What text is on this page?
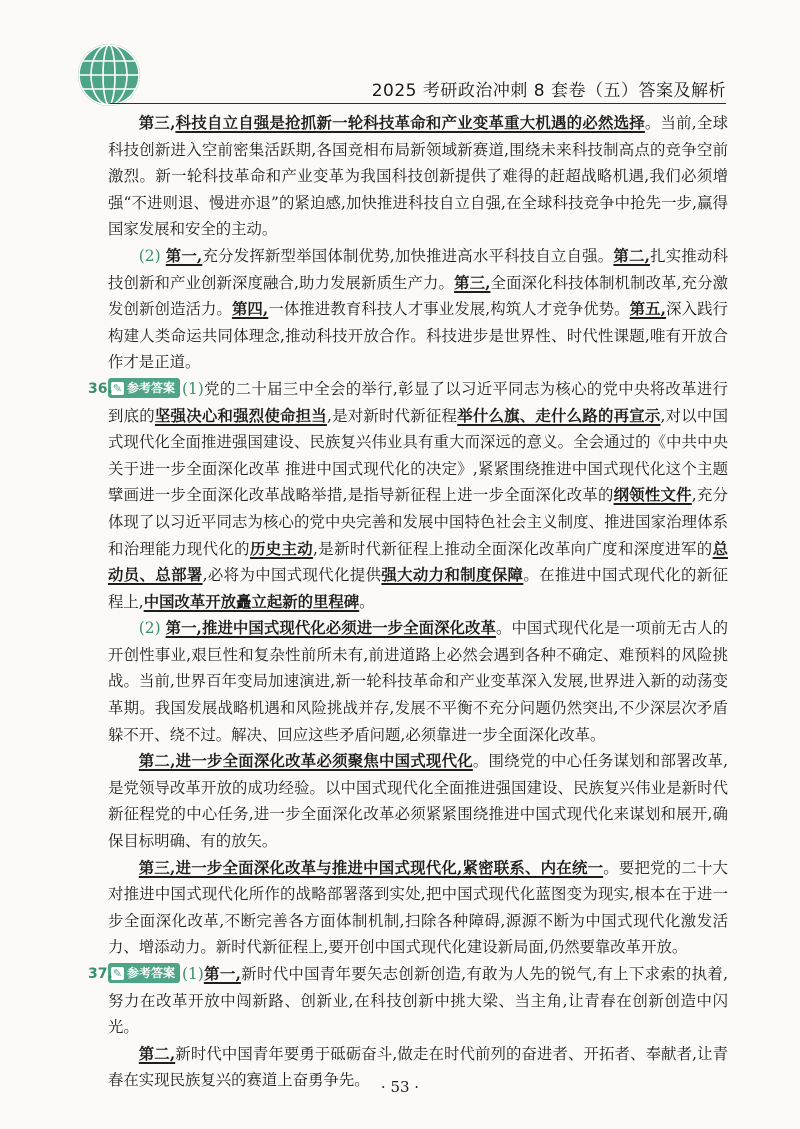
2025 考研政治冲刺 8 套卷（五）答案及解析

第三,科技自立自强是抢抓新一轮科技革命和产业变革重大机遇的必然选择。当前,全球科技创新进入空前密集活跃期,各国竞相布局新领域新赛道,围绕未来科技制高点的竞争空前激烈。新一轮科技革命和产业变革为我国科技创新提供了难得的赶超战略机遇,我们必须增强“不进则退、慢进亦退”的紧迫感,加快推进科技自立自强,在全球科技竞争中抢先一步,赢得国家发展和安全的主动。

(2) 第一,充分发挥新型举国体制优势,加快推进高水平科技自立自强。第二,扎实推动科技创新和产业创新深度融合,助力发展新质生产力。第三,全面深化科技体制机制改革,充分激发创新创造活力。第四,一体推进教育科技人才事业发展,构筑人才竞争优势。第五,深入践行构建人类命运共同体理念,推动科技开放合作。科技进步是世界性、时代性课题,唯有开放合作才是正道。

36. ✎ 参考答案 (1)党的二十届三中全会的举行,彰显了以习近平同志为核心的党中央将改革进行到底的坚强决心和强烈使命担当,是对新时代新征程举什么旗、走什么路的再宣示,对以中国式现代化全面推进强国建设、民族复兴伟业具有重大而深远的意义。全会通过的《中共中央关于进一步全面深化改革 推进中国式现代化的决定》,紧紧围绕推进中国式现代化这个主题擘画进一步全面深化改革战略举措,是指导新征程上进一步全面深化改革的纲领性文件,充分体现了以习近平同志为核心的党中央完善和发展中国特色社会主义制度、推进国家治理体系和治理能力现代化的历史主动,是新时代新征程上推动全面深化改革向广度和深度进军的总动员、总部署,必将为中国式现代化提供强大动力和制度保障。在推进中国式现代化的新征程上,中国改革开放矗立起新的里程碑。

(2) 第一,推进中国式现代化必须进一步全面深化改革。中国式现代化是一项前无古人的开创性事业,艰巨性和复杂性前所未有,前进道路上必然会遇到各种不确定、难预料的风险挑战。当前,世界百年变局加速演进,新一轮科技革命和产业变革深入发展,世界进入新的动荡变革期。我国发展战略机遇和风险挑战并存,发展不平衡不充分问题仍然突出,不少深层次矛盾躲不开、绕不过。解决、回应这些矛盾问题,必须靠进一步全面深化改革。

第二,进一步全面深化改革必须聚焦中国式现代化。围绕党的中心任务谋划和部署改革,是党领导改革开放的成功经验。以中国式现代化全面推进强国建设、民族复兴伟业是新时代新征程党的中心任务,进一步全面深化改革必须紧紧围绕推进中国式现代化来谋划和展开,确保目标明确、有的放矢。

第三,进一步全面深化改革与推进中国式现代化,紧密联系、内在统一。要把党的二十大对推进中国式现代化所作的战略部署落到实处,把中国式现代化蓝图变为现实,根本在于进一步全面深化改革,不断完善各方面体制机制,扫除各种障碍,源源不断为中国式现代化激发活力、增添动力。新时代新征程上,要开创中国式现代化建设新局面,仍然要靠改革开放。

37. ✎ 参考答案 (1)第一,新时代中国青年要矢志创新创造,有敢为人先的锐气,有上下求索的执着,努力在改革开放中闯新路、创新业,在科技创新中挑大梁、当主角,让青春在创新创造中闪光。

第二,新时代中国青年要勇于砥砺奋斗,做走在时代前列的奋进者、开拓者、奉献者,让青春在实现民族复兴的赛道上奋勇争先。 · 53 ·
